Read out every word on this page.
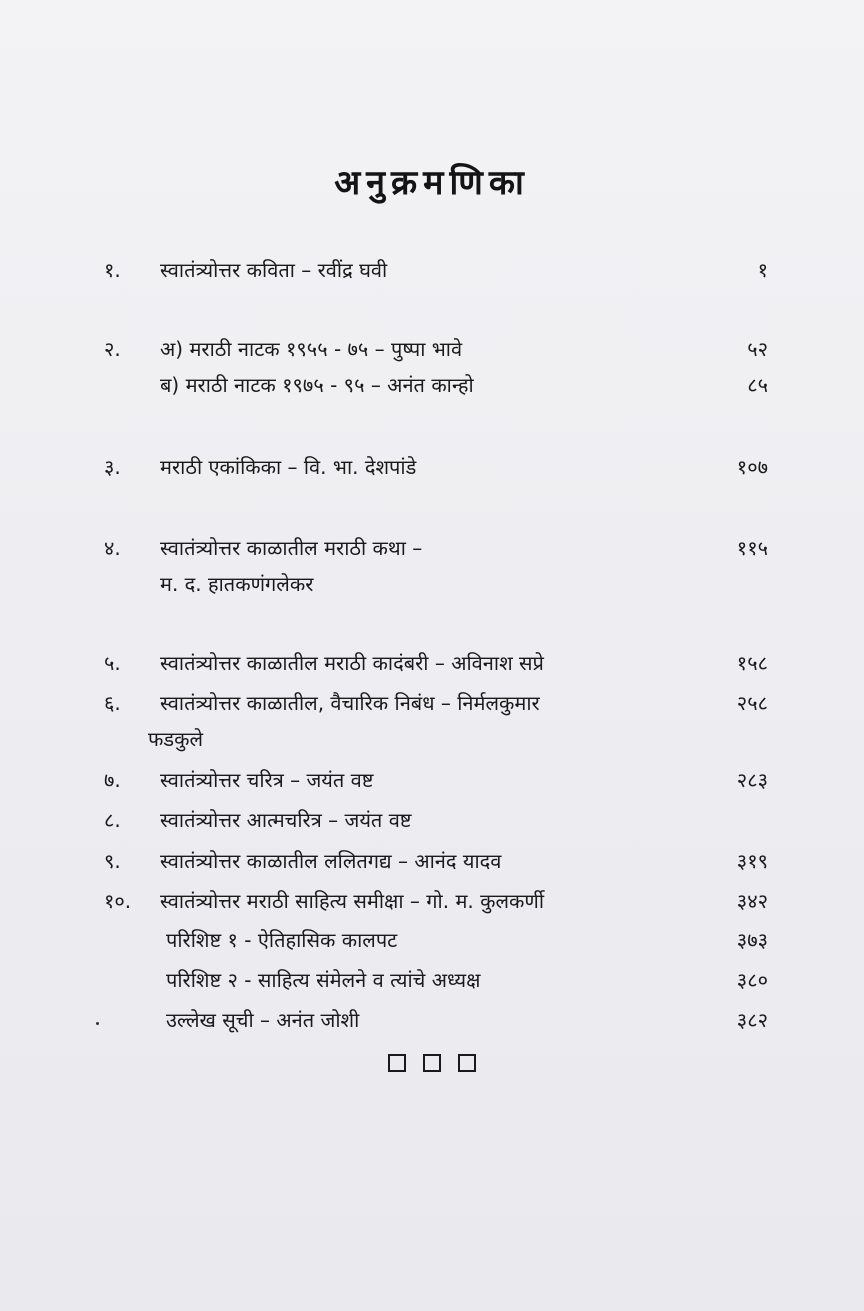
अनुक्रमणिका
१. स्वातंत्र्योत्तर कविता – रवींद्र घवी	१
२. अ) मराठी नाटक १९५५ - ७५ – पुष्पा भावे	५२
ब) मराठी नाटक १९७५ - ९५ – अनंत कान्हो	८५
३. मराठी एकांकिका – वि. भा. देशपांडे	१०७
४. स्वातंत्र्योत्तर काळातील मराठी कथा –	११५
म. द. हातकणंगलेकर
५. स्वातंत्र्योत्तर काळातील मराठी कादंबरी – अविनाश सप्रे	१५८
६. स्वातंत्र्योत्तर काळातील, वैचारिक निबंध – निर्मलकुमार	२५८
फडकुले
७. स्वातंत्र्योत्तर चरित्र – जयंत वष्ट	२८३
८. स्वातंत्र्योत्तर आत्मचरित्र – जयंत वष्ट
९. स्वातंत्र्योत्तर काळातील ललितगद्य – आनंद यादव	३१९
१०. स्वातंत्र्योत्तर मराठी साहित्य समीक्षा – गो. म. कुलकर्णी	३४२
परिशिष्ट १ - ऐतिहासिक कालपट	३७३
परिशिष्ट २ - साहित्य संमेलने व त्यांचे अध्यक्ष	३८०
उल्लेख सूची – अनंत जोशी	३८२
